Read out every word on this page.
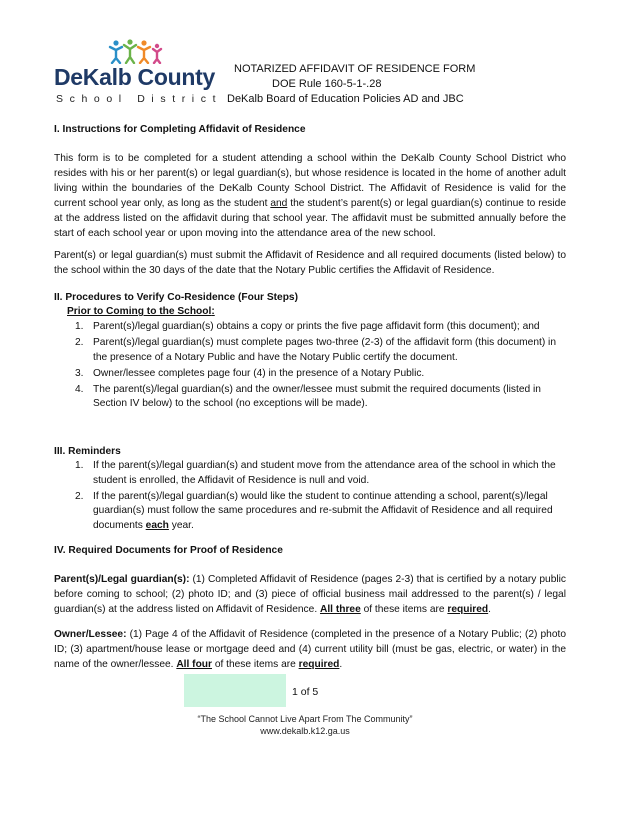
DeKalb County
School District
NOTARIZED AFFIDAVIT OF RESIDENCE FORM
DOE Rule 160-5-1-.28
DeKalb Board of Education Policies AD and JBC
I. Instructions for Completing Affidavit of Residence
This form is to be completed for a student attending a school within the DeKalb County School District who resides with his or her parent(s) or legal guardian(s), but whose residence is located in the home of another adult living within the boundaries of the DeKalb County School District. The Affidavit of Residence is valid for the current school year only, as long as the student and the student’s parent(s) or legal guardian(s) continue to reside at the address listed on the affidavit during that school year. The affidavit must be submitted annually before the start of each school year or upon moving into the attendance area of the new school.
Parent(s) or legal guardian(s) must submit the Affidavit of Residence and all required documents (listed below) to the school within the 30 days of the date that the Notary Public certifies the Affidavit of Residence.
II. Procedures to Verify Co-Residence (Four Steps)
Prior to Coming to the School:
1. Parent(s)/legal guardian(s) obtains a copy or prints the five page affidavit form (this document); and
2. Parent(s)/legal guardian(s) must complete pages two-three (2-3) of the affidavit form (this document) in the presence of a Notary Public and have the Notary Public certify the document.
3. Owner/lessee completes page four (4) in the presence of a Notary Public.
4. The parent(s)/legal guardian(s) and the owner/lessee must submit the required documents (listed in Section IV below) to the school (no exceptions will be made).
III. Reminders
1. If the parent(s)/legal guardian(s) and student move from the attendance area of the school in which the student is enrolled, the Affidavit of Residence is null and void.
2. If the parent(s)/legal guardian(s) would like the student to continue attending a school, parent(s)/legal guardian(s) must follow the same procedures and re-submit the Affidavit of Residence and all required documents each year.
IV. Required Documents for Proof of Residence
Parent(s)/Legal guardian(s): (1) Completed Affidavit of Residence (pages 2-3) that is certified by a notary public before coming to school; (2) photo ID; and (3) piece of official business mail addressed to the parent(s) / legal guardian(s) at the address listed on Affidavit of Residence. All three of these items are required.
Owner/Lessee: (1) Page 4 of the Affidavit of Residence (completed in the presence of a Notary Public; (2) photo ID; (3) apartment/house lease or mortgage deed and (4) current utility bill (must be gas, electric, or water) in the name of the owner/lessee. All four of these items are required.
1 of 5
“The School Cannot Live Apart From The Community”
www.dekalb.k12.ga.us
